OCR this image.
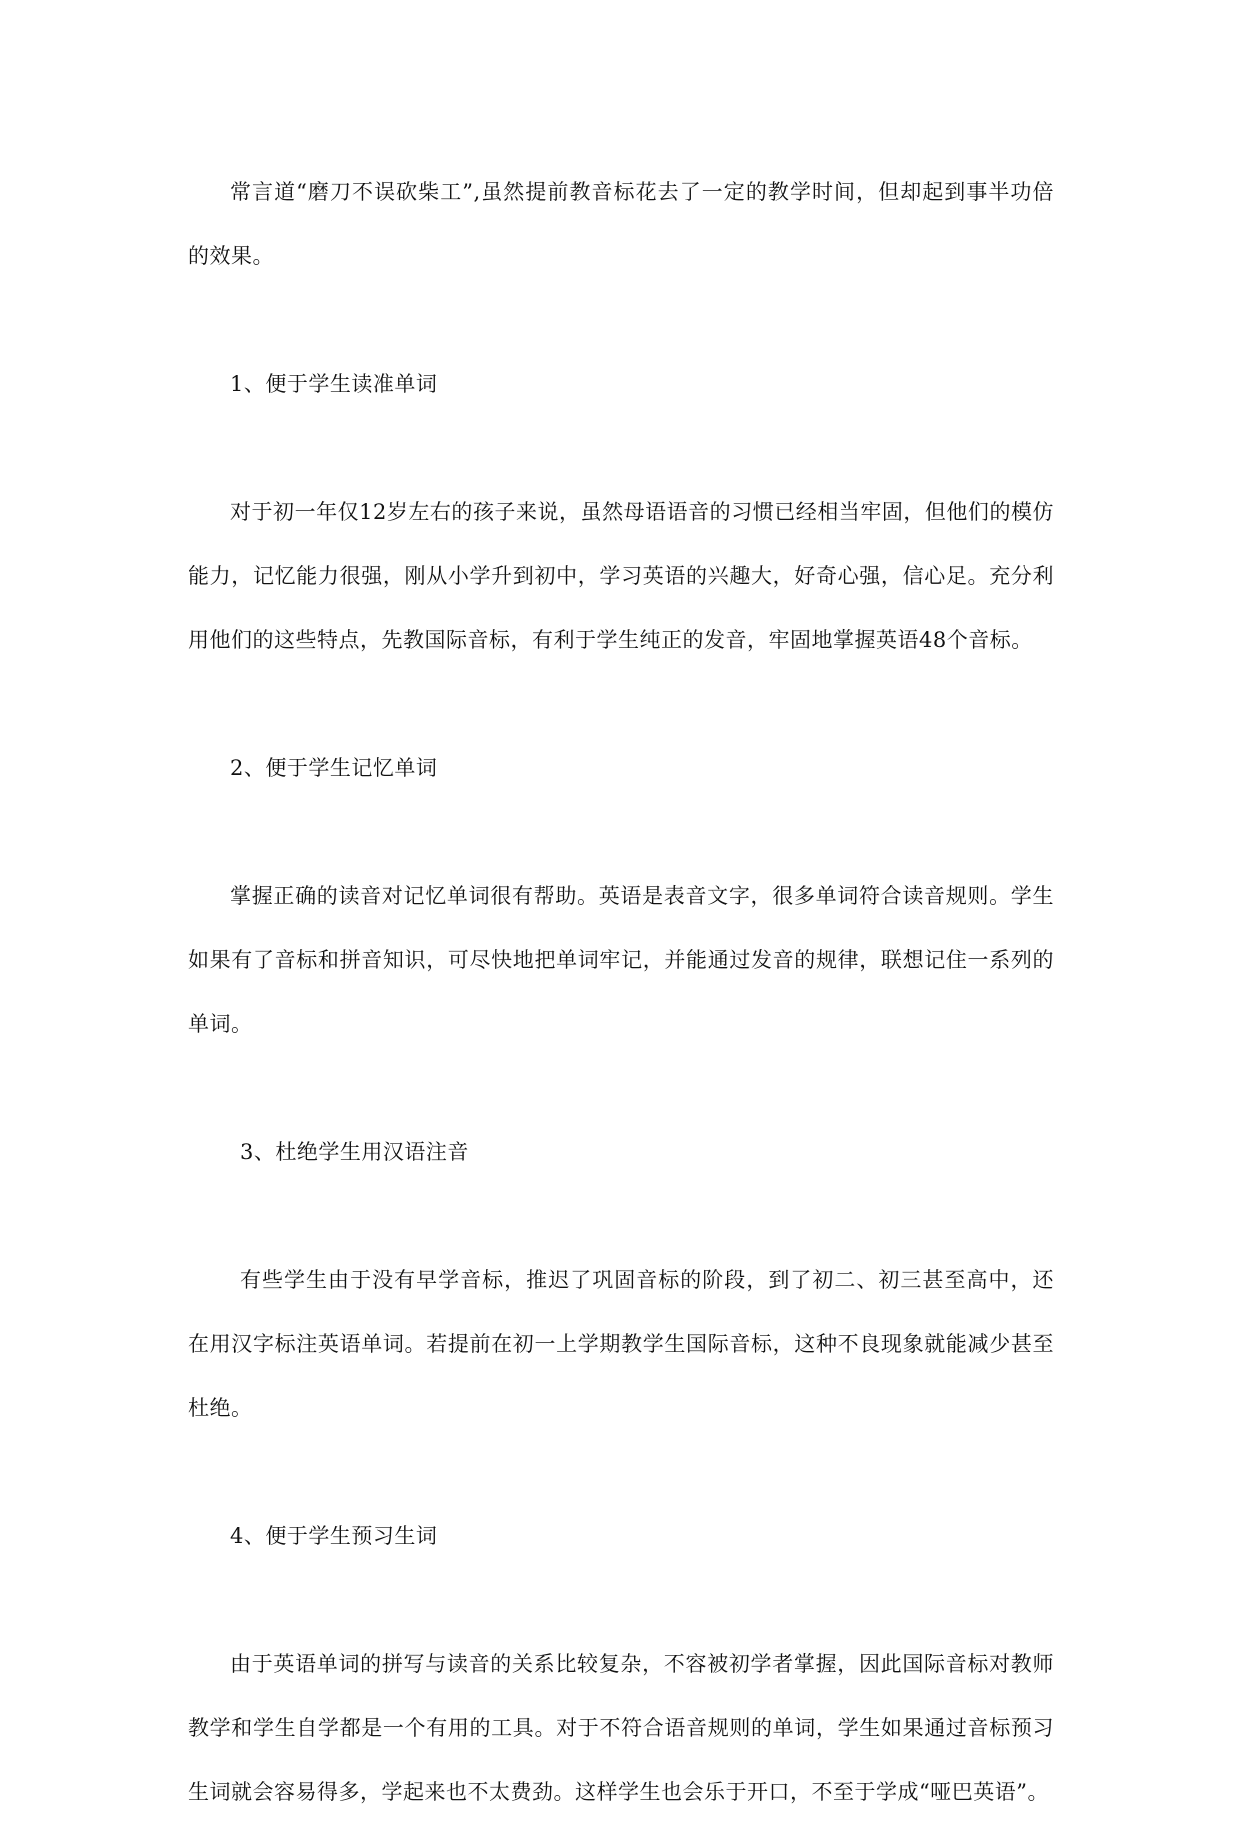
常言道“磨刀不误砍柴工”,虽然提前教音标花去了一定的教学时间，但却起到事半功倍的效果。

1、便于学生读准单词

对于初一年仅12岁左右的孩子来说，虽然母语语音的习惯已经相当牢固，但他们的模仿能力，记忆能力很强，刚从小学升到初中，学习英语的兴趣大，好奇心强，信心足。充分利用他们的这些特点，先教国际音标，有利于学生纯正的发音，牢固地掌握英语48个音标。

2、便于学生记忆单词

掌握正确的读音对记忆单词很有帮助。英语是表音文字，很多单词符合读音规则。学生如果有了音标和拼音知识，可尽快地把单词牢记，并能通过发音的规律，联想记住一系列的单词。

3、杜绝学生用汉语注音

有些学生由于没有早学音标，推迟了巩固音标的阶段，到了初二、初三甚至高中，还在用汉字标注英语单词。若提前在初一上学期教学生国际音标，这种不良现象就能减少甚至杜绝。

4、便于学生预习生词

由于英语单词的拼写与读音的关系比较复杂，不容被初学者掌握，因此国际音标对教师教学和学生自学都是一个有用的工具。对于不符合语音规则的单词，学生如果通过音标预习生词就会容易得多，学起来也不太费劲。这样学生也会乐于开口，不至于学成“哑巴英语”。
